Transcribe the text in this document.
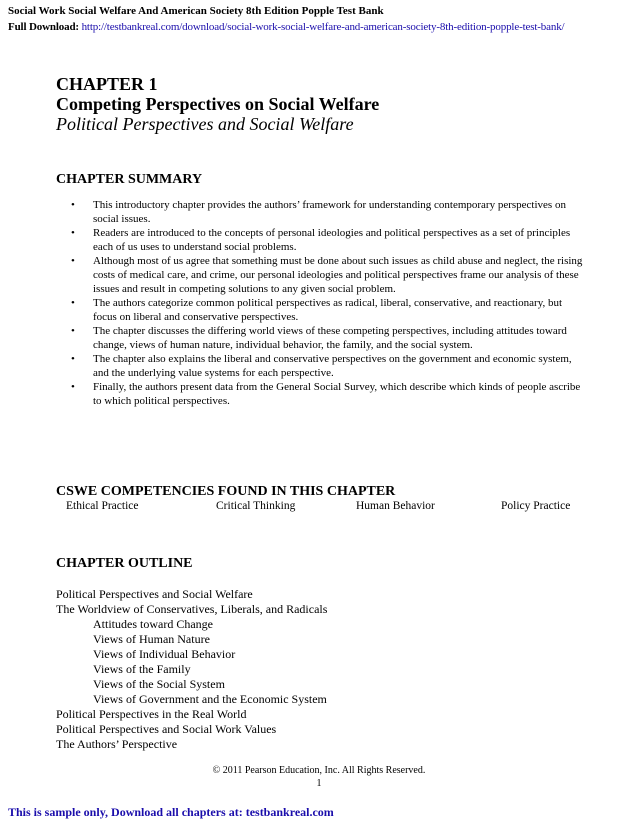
Social Work Social Welfare And American Society 8th Edition Popple Test Bank
Full Download: http://testbankreal.com/download/social-work-social-welfare-and-american-society-8th-edition-popple-test-bank/
CHAPTER 1
Competing Perspectives on Social Welfare
Political Perspectives and Social Welfare
CHAPTER SUMMARY
• This introductory chapter provides the authors’ framework for understanding contemporary perspectives on social issues.
• Readers are introduced to the concepts of personal ideologies and political perspectives as a set of principles each of us uses to understand social problems.
• Although most of us agree that something must be done about such issues as child abuse and neglect, the rising costs of medical care, and crime, our personal ideologies and political perspectives frame our analysis of these issues and result in competing solutions to any given social problem.
• The authors categorize common political perspectives as radical, liberal, conservative, and reactionary, but focus on liberal and conservative perspectives.
• The chapter discusses the differing world views of these competing perspectives, including attitudes toward change, views of human nature, individual behavior, the family, and the social system.
• The chapter also explains the liberal and conservative perspectives on the government and economic system, and the underlying value systems for each perspective.
• Finally, the authors present data from the General Social Survey, which describe which kinds of people ascribe to which political perspectives.
CSWE COMPETENCIES FOUND IN THIS CHAPTER
Ethical Practice	Critical Thinking	Human Behavior	Policy Practice
CHAPTER OUTLINE
Political Perspectives and Social Welfare
The Worldview of Conservatives, Liberals, and Radicals
Attitudes toward Change
Views of Human Nature
Views of Individual Behavior
Views of the Family
Views of the Social System
Views of Government and the Economic System
Political Perspectives in the Real World
Political Perspectives and Social Work Values
The Authors’ Perspective
© 2011 Pearson Education, Inc. All Rights Reserved.
1
This is sample only, Download all chapters at: testbankreal.com
